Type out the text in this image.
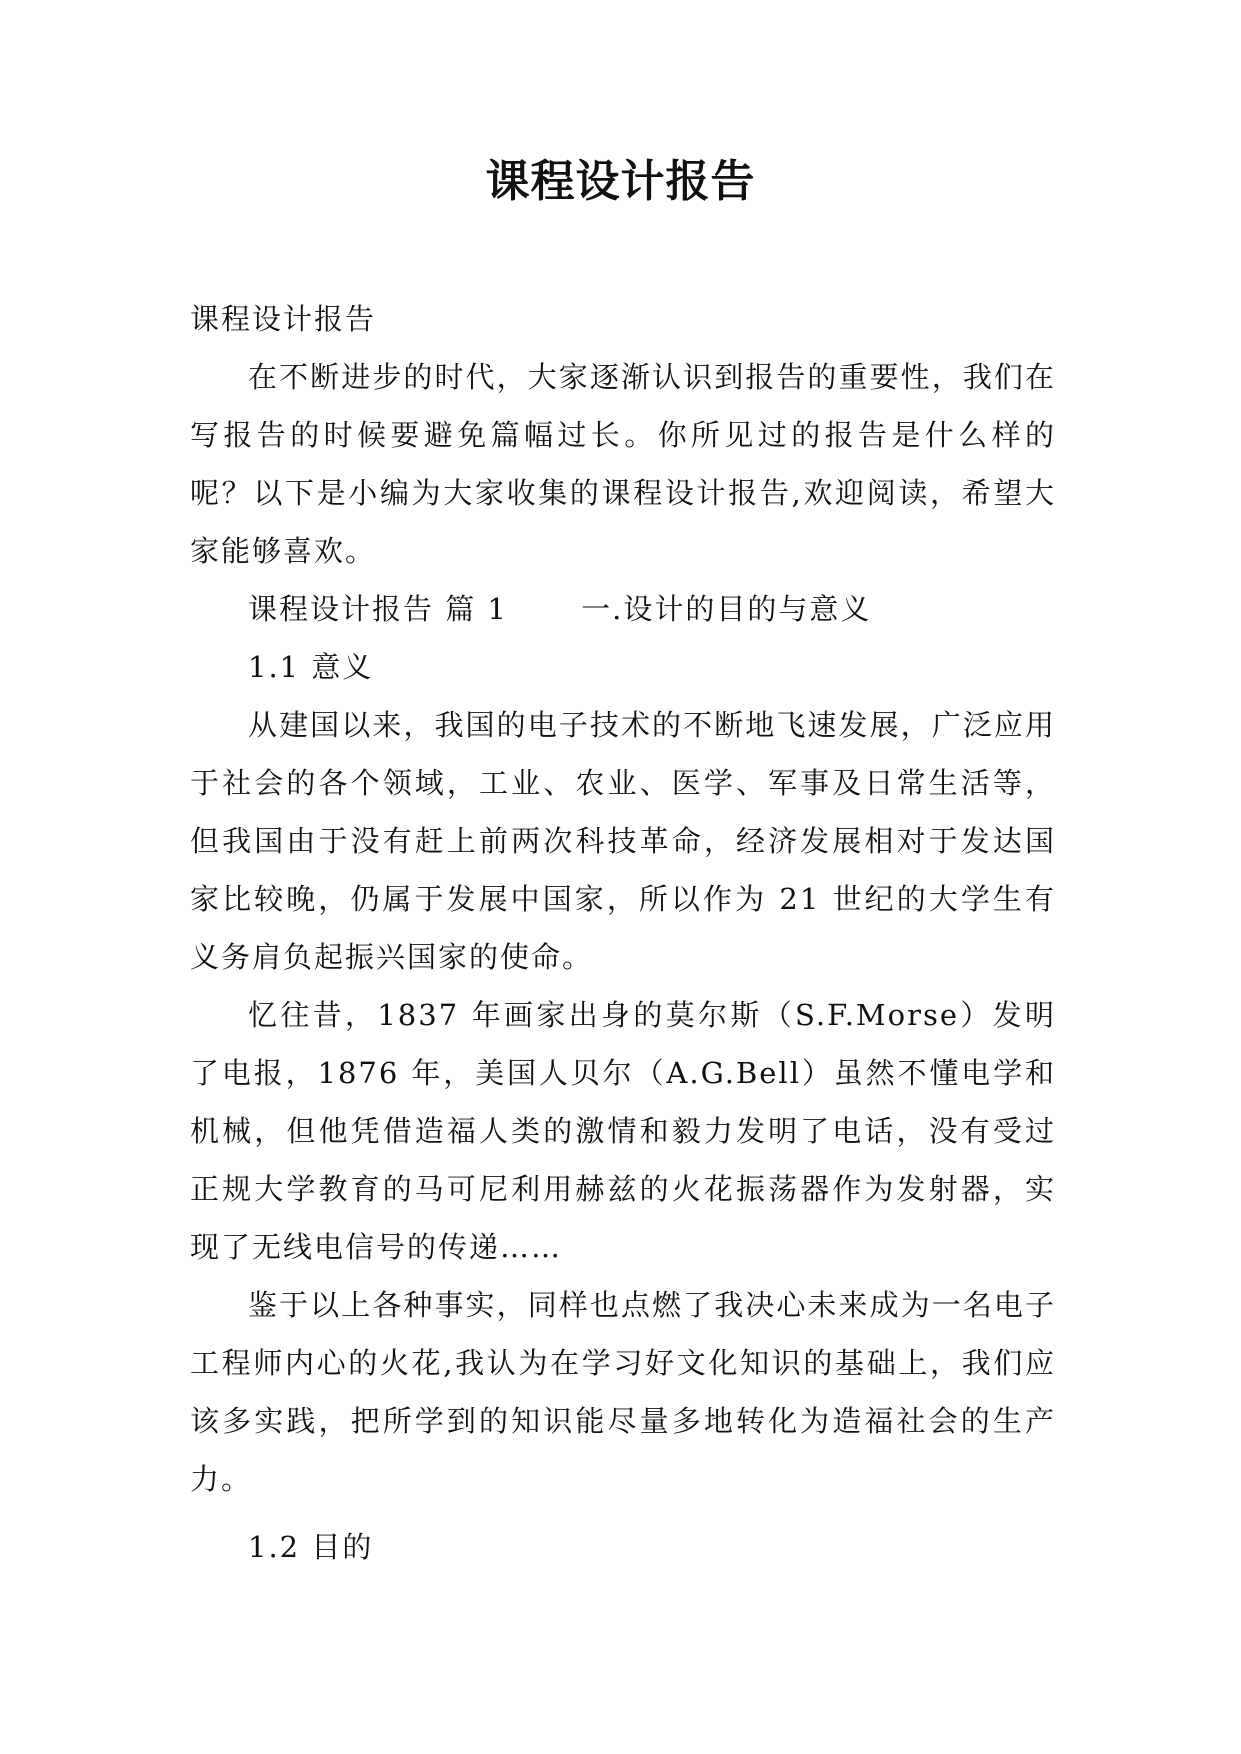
课程设计报告

课程设计报告

在不断进步的时代，大家逐渐认识到报告的重要性，我们在写报告的时候要避免篇幅过长。你所见过的报告是什么样的呢？以下是小编为大家收集的课程设计报告,欢迎阅读，希望大家能够喜欢。

课程设计报告 篇 1　　 一.设计的目的与意义

1.1 意义

从建国以来，我国的电子技术的不断地飞速发展，广泛应用于社会的各个领域，工业、农业、医学、军事及日常生活等，但我国由于没有赶上前两次科技革命，经济发展相对于发达国家比较晚，仍属于发展中国家，所以作为 21 世纪的大学生有义务肩负起振兴国家的使命。

忆往昔，1837 年画家出身的莫尔斯（S.F.Morse）发明了电报，1876 年，美国人贝尔（A.G.Bell）虽然不懂电学和机械，但他凭借造福人类的激情和毅力发明了电话，没有受过正规大学教育的马可尼利用赫兹的火花振荡器作为发射器，实现了无线电信号的传递……

鉴于以上各种事实，同样也点燃了我决心未来成为一名电子工程师内心的火花,我认为在学习好文化知识的基础上，我们应该多实践，把所学到的知识能尽量多地转化为造福社会的生产力。

1.2 目的
